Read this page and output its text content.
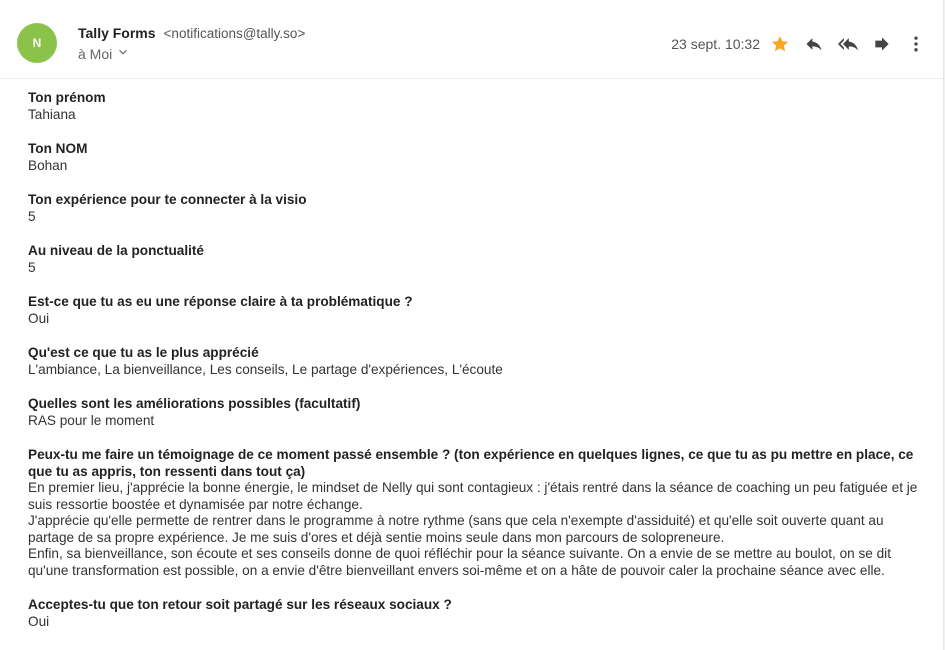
N
Tally Forms <notifications@tally.so>
à Moi
23 sept. 10:32
Ton prénom

Tahiana

Ton NOM

Bohan

Ton expérience pour te connecter à la visio

5

Au niveau de la ponctualité

5

Est-ce que tu as eu une réponse claire à ta problématique ?

Oui

Qu'est ce que tu as le plus apprécié

L'ambiance, La bienveillance, Les conseils, Le partage d'expériences, L'écoute

Quelles sont les améliorations possibles (facultatif)

RAS pour le moment

Peux-tu me faire un témoignage de ce moment passé ensemble ? (ton expérience en quelques lignes, ce que tu as pu mettre en place, ce que tu as appris, ton ressenti dans tout ça)

En premier lieu, j'apprécie la bonne énergie, le mindset de Nelly qui sont contagieux : j'étais rentré dans la séance de coaching un peu fatiguée et je suis ressortie boostée et dynamisée par notre échange.

J'apprécie qu'elle permette de rentrer dans le programme à notre rythme (sans que cela n'exempte d'assiduité) et qu'elle soit ouverte quant au partage de sa propre expérience. Je me suis d'ores et déjà sentie moins seule dans mon parcours de solopreneure.

Enfin, sa bienveillance, son écoute et ses conseils donne de quoi réfléchir pour la séance suivante. On a envie de se mettre au boulot, on se dit qu'une transformation est possible, on a envie d'être bienveillant envers soi-même et on a hâte de pouvoir caler la prochaine séance avec elle.

Acceptes-tu que ton retour soit partagé sur les réseaux sociaux ?

Oui
